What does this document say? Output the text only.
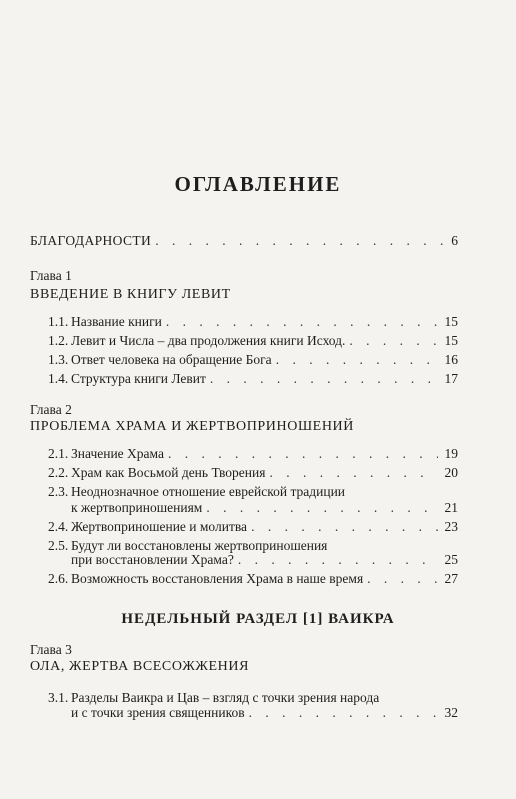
ОГЛАВЛЕНИЕ
БЛАГОДАРНОСТИ . . .	6
Глава 1
ВВЕДЕНИЕ В КНИГУ ЛЕВИТ
1.1. Название книги . . .	15
1.2. Левит и Числа – два продолжения книги Исход. . . .	15
1.3. Ответ человека на обращение Бога . . .	16
1.4. Структура книги Левит . . .	17
Глава 2
ПРОБЛЕМА ХРАМА И ЖЕРТВОПРИНОШЕНИЙ
2.1. Значение Храма . . .	19
2.2. Храм как Восьмой день Творения . . .	20
2.3. Неоднозначное отношение еврейской традиции
к жертвоприношениям . . .	21
2.4. Жертвоприношение и молитва . . .	23
2.5. Будут ли восстановлены жертвоприношения
при восстановлении Храма? . . .	25
2.6. Возможность восстановления Храма в наше время . . .	27
НЕДЕЛЬНЫЙ РАЗДЕЛ [1] ВАИКРА
Глава 3
ОЛА, ЖЕРТВА ВСЕСОЖЖЕНИЯ
3.1. Разделы Ваикра и Цав – взгляд с точки зрения народа
и с точки зрения священников . . .	32
